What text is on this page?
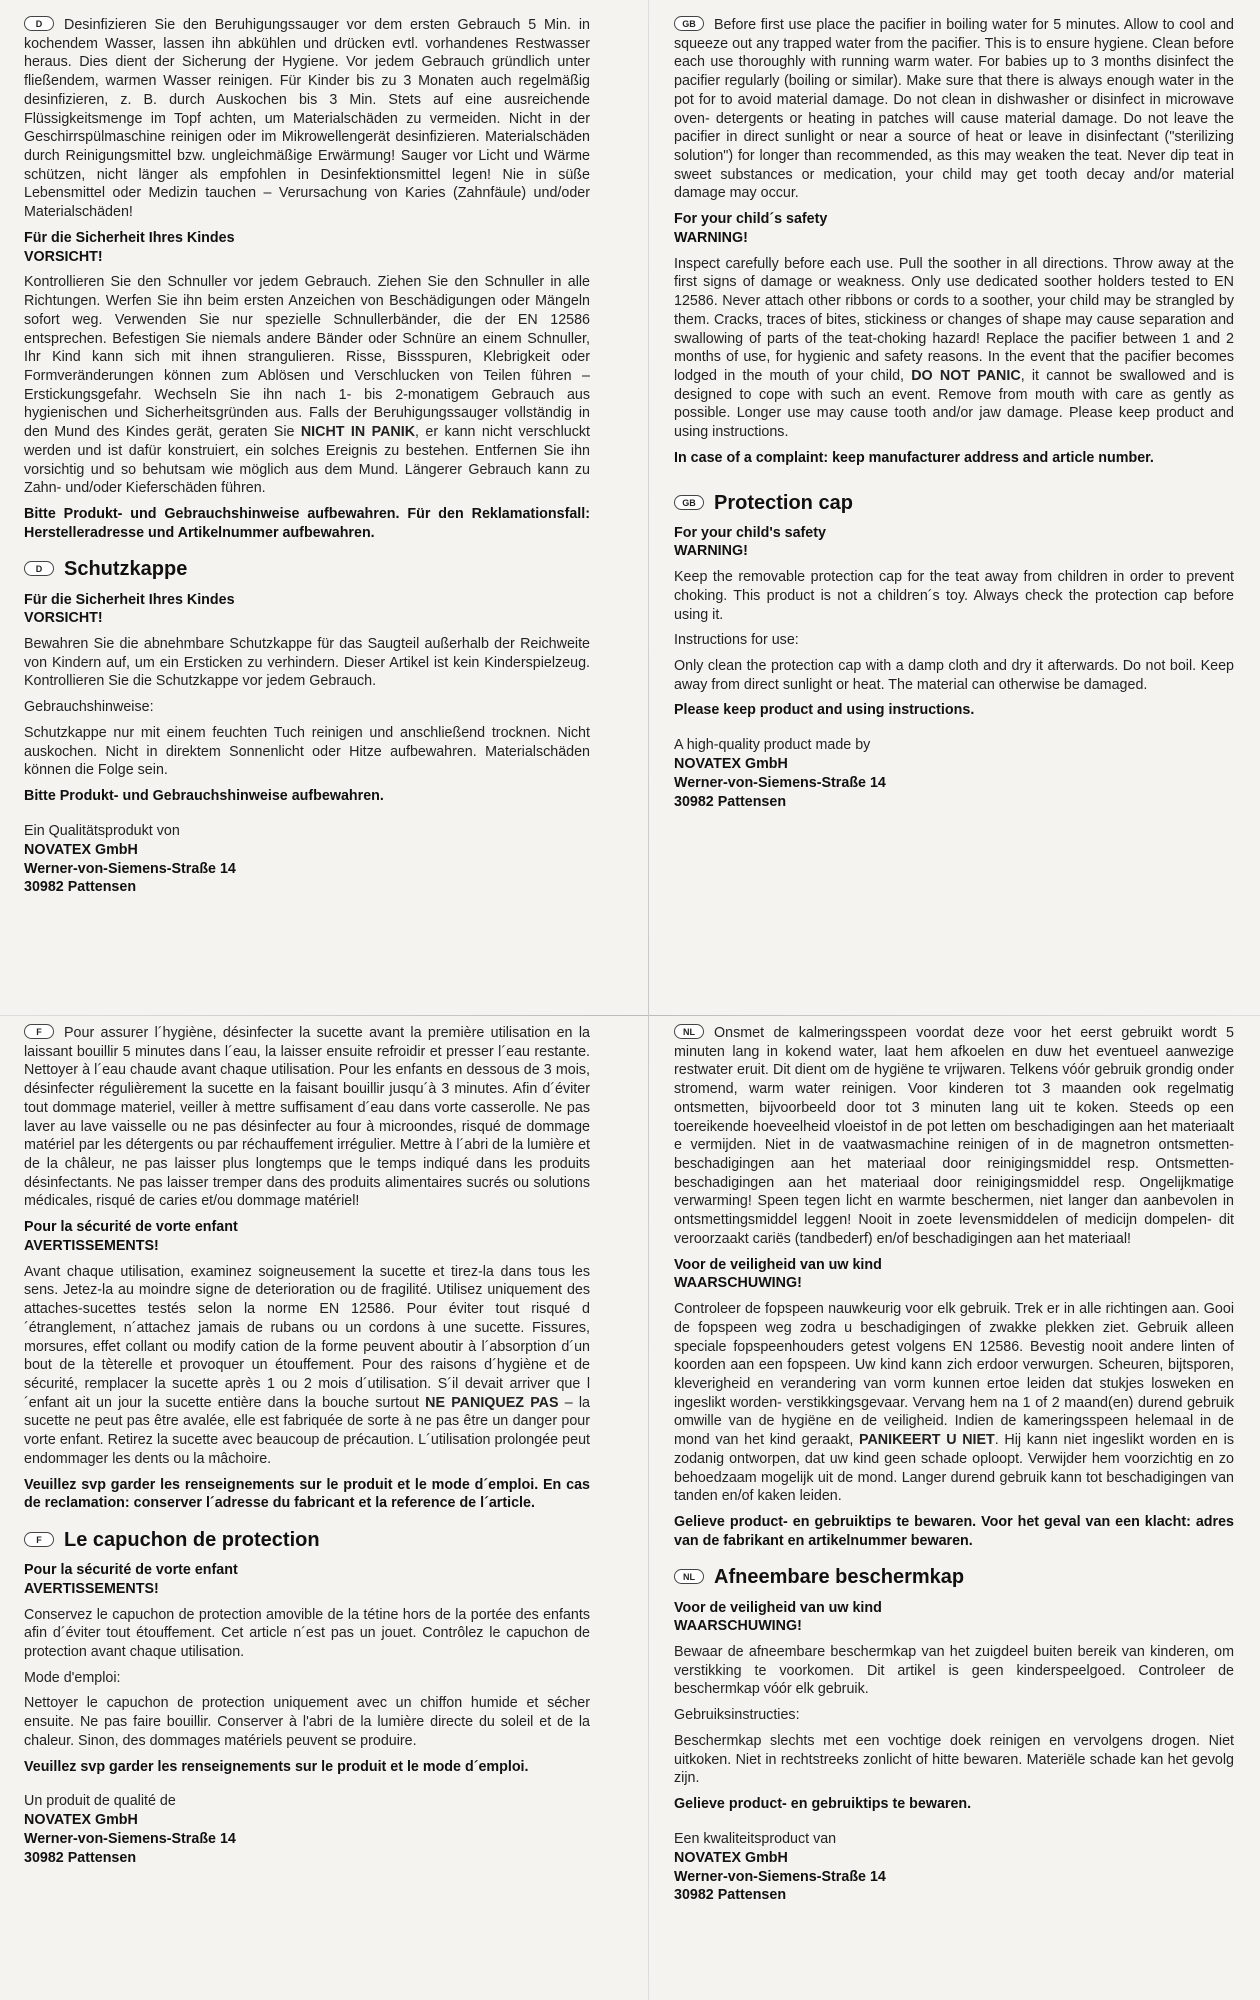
D Desinfizieren Sie den Beruhigungssauger vor dem ersten Gebrauch 5 Min. in kochendem Wasser, lassen ihn abkühlen und drücken evtl. vorhandenes Restwasser heraus. Dies dient der Sicherung der Hygiene. Vor jedem Gebrauch gründlich unter fließendem, warmen Wasser reinigen. Für Kinder bis zu 3 Monaten auch regelmäßig desinfizieren, z. B. durch Auskochen bis 3 Min. Stets auf eine ausreichende Flüssigkeitsmenge im Topf achten, um Materialschäden zu vermeiden. Nicht in der Geschirrspülmaschine reinigen oder im Mikrowellengerät desinfizieren. Materialschäden durch Reinigungsmittel bzw. ungleichmäßige Erwärmung! Sauger vor Licht und Wärme schützen, nicht länger als empfohlen in Desinfektionsmittel legen! Nie in süße Lebensmittel oder Medizin tauchen – Verursachung von Karies (Zahnfäule) und/oder Materialschäden!

Für die Sicherheit Ihres Kindes
VORSICHT!

Kontrollieren Sie den Schnuller vor jedem Gebrauch. Ziehen Sie den Schnuller in alle Richtungen. Werfen Sie ihn beim ersten Anzeichen von Beschädigungen oder Mängeln sofort weg. Verwenden Sie nur spezielle Schnullerbänder, die der EN 12586 entsprechen. Befestigen Sie niemals andere Bänder oder Schnüre an einem Schnuller, Ihr Kind kann sich mit ihnen strangulieren. Risse, Bissspuren, Klebrigkeit oder Formveränderungen können zum Ablösen und Verschlucken von Teilen führen – Erstickungsgefahr. Wechseln Sie ihn nach 1- bis 2-monatigem Gebrauch aus hygienischen und Sicherheitsgründen aus. Falls der Beruhigungssauger vollständig in den Mund des Kindes gerät, geraten Sie NICHT IN PANIK, er kann nicht verschluckt werden und ist dafür konstruiert, ein solches Ereignis zu bestehen. Entfernen Sie ihn vorsichtig und so behutsam wie möglich aus dem Mund. Längerer Gebrauch kann zu Zahn- und/oder Kieferschäden führen.

Bitte Produkt- und Gebrauchshinweise aufbewahren. Für den Reklamationsfall: Herstelleradresse und Artikelnummer aufbewahren.

D Schutzkappe
Für die Sicherheit Ihres Kindes
VORSICHT!

Bewahren Sie die abnehmbare Schutzkappe für das Saugteil außerhalb der Reichweite von Kindern auf, um ein Ersticken zu verhindern. Dieser Artikel ist kein Kinderspielzeug. Kontrollieren Sie die Schutzkappe vor jedem Gebrauch.

Gebrauchshinweise:

Schutzkappe nur mit einem feuchten Tuch reinigen und anschließend trocknen. Nicht auskochen. Nicht in direktem Sonnenlicht oder Hitze aufbewahren. Materialschäden können die Folge sein.

Bitte Produkt- und Gebrauchshinweise aufbewahren.

Ein Qualitätsprodukt von
NOVATEX GmbH
Werner-von-Siemens-Straße 14
30982 Pattensen

GB Before first use place the pacifier in boiling water for 5 minutes. Allow to cool and squeeze out any trapped water from the pacifier. This is to ensure hygiene. Clean before each use thoroughly with running warm water. For babies up to 3 months disinfect the pacifier regularly (boiling or similar). Make sure that there is always enough water in the pot for to avoid material damage. Do not clean in dishwasher or disinfect in microwave oven- detergents or heating in patches will cause material damage. Do not leave the pacifier in direct sunlight or near a source of heat or leave in disinfectant ("sterilizing solution") for longer than recommended, as this may weaken the teat. Never dip teat in sweet substances or medication, your child may get tooth decay and/or material damage may occur.

For your child´s safety
WARNING!

Inspect carefully before each use. Pull the soother in all directions. Throw away at the first signs of damage or weakness. Only use dedicated soother holders tested to EN 12586. Never attach other ribbons or cords to a soother, your child may be strangled by them. Cracks, traces of bites, stickiness or changes of shape may cause separation and swallowing of parts of the teat-choking hazard! Replace the pacifier between 1 and 2 months of use, for hygienic and safety reasons. In the event that the pacifier becomes lodged in the mouth of your child, DO NOT PANIC, it cannot be swallowed and is designed to cope with such an event. Remove from mouth with care as gently as possible. Longer use may cause tooth and/or jaw damage. Please keep product and using instructions.

In case of a complaint: keep manufacturer address and article number.

GB Protection cap
For your child's safety
WARNING!

Keep the removable protection cap for the teat away from children in order to prevent choking. This product is not a children´s toy. Always check the protection cap before using it.

Instructions for use:

Only clean the protection cap with a damp cloth and dry it afterwards. Do not boil. Keep away from direct sunlight or heat. The material can otherwise be damaged.

Please keep product and using instructions.

A high-quality product made by
NOVATEX GmbH
Werner-von-Siemens-Straße 14
30982 Pattensen

F Pour assurer l´hygiène, désinfecter la sucette avant la première utilisation en la laissant bouillir 5 minutes dans l´eau, la laisser ensuite refroidir et presser l´eau restante. Nettoyer à l´eau chaude avant chaque utilisation. Pour les enfants en dessous de 3 mois, désinfecter régulièrement la sucette en la faisant bouillir jusqu´à 3 minutes. Afin d´éviter tout dommage materiel, veiller à mettre suffisament d´eau dans vorte casserolle. Ne pas laver au lave vaisselle ou ne pas désinfecter au four à microondes, risqué de dommage matériel par les détergents ou par réchauffement irrégulier. Mettre à l´abri de la lumière et de la châleur, ne pas laisser plus longtemps que le temps indiqué dans les produits désinfectants. Ne pas laisser tremper dans des produits alimentaires sucrés ou solutions médicales, risqué de caries et/ou dommage matériel!

Pour la sécurité de vorte enfant
AVERTISSEMENTS!

Avant chaque utilisation, examinez soigneusement la sucette et tirez-la dans tous les sens. Jetez-la au moindre signe de deterioration ou de fragilité. Utilisez uniquement des attaches-sucettes testés selon la norme EN 12586. Pour éviter tout risqué d´étranglement, n´attachez jamais de rubans ou un cordons à une sucette. Fissures, morsures, effet collant ou modify cation de la forme peuvent aboutir à l´absorption d´un bout de la tèterelle et provoquer un étouffement. Pour des raisons d´hygiène et de sécurité, remplacer la sucette après 1 ou 2 mois d´utilisation. S´il devait arriver que l´enfant ait un jour la sucette entière dans la bouche surtout NE PANIQUEZ PAS – la sucette ne peut pas être avalée, elle est fabriquée de sorte à ne pas être un danger pour vorte enfant. Retirez la sucette avec beaucoup de précaution. L´utilisation prolongée peut endommager les dents ou la mâchoire.

Veuillez svp garder les renseignements sur le produit et le mode d´emploi. En cas de reclamation: conserver l´adresse du fabricant et la reference de l´article.

F Le capuchon de protection
Pour la sécurité de vorte enfant
AVERTISSEMENTS!

Conservez le capuchon de protection amovible de la tétine hors de la portée des enfants afin d´éviter tout étouffement. Cet article n´est pas un jouet. Contrôlez le capuchon de protection avant chaque utilisation.

Mode d'emploi:

Nettoyer le capuchon de protection uniquement avec un chiffon humide et sécher ensuite. Ne pas faire bouillir. Conserver à l'abri de la lumière directe du soleil et de la chaleur. Sinon, des dommages matériels peuvent se produire.

Veuillez svp garder les renseignements sur le produit et le mode d´emploi.

Un produit de qualité de
NOVATEX GmbH
Werner-von-Siemens-Straße 14
30982 Pattensen

NL Onsmet de kalmeringsspeen voordat deze voor het eerst gebruikt wordt 5 minuten lang in kokend water, laat hem afkoelen en duw het eventueel aanwezige restwater eruit. Dit dient om de hygiëne te vrijwaren. Telkens vóór gebruik grondig onder stromend, warm water reinigen. Voor kinderen tot 3 maanden ook regelmatig ontsmetten, bijvoorbeeld door tot 3 minuten lang uit te koken. Steeds op een toereikende hoeveelheid vloeistof in de pot letten om beschadigingen aan het materiaalt e vermijden. Niet in de vaatwasmachine reinigen of in de magnetron ontsmetten- beschadigingen aan het materiaal door reinigingsmiddel resp. Ontsmetten- beschadigingen aan het materiaal door reinigingsmiddel resp. Ongelijkmatige verwarming! Speen tegen licht en warmte beschermen, niet langer dan aanbevolen in ontsmettingsmiddel leggen! Nooit in zoete levensmiddelen of medicijn dompelen- dit veroorzaakt cariës (tandbederf) en/of beschadigingen aan het materiaal!

Voor de veiligheid van uw kind
WAARSCHUWING!

Controleer de fopspeen nauwkeurig voor elk gebruik. Trek er in alle richtingen aan. Gooi de fopspeen weg zodra u beschadigingen of zwakke plekken ziet. Gebruik alleen speciale fopspeenhouders getest volgens EN 12586. Bevestig nooit andere linten of koorden aan een fopspeen. Uw kind kann zich erdoor verwurgen. Scheuren, bijtsporen, kleverigheid en verandering van vorm kunnen ertoe leiden dat stukjes losweken en ingeslikt worden- verstikkingsgevaar. Vervang hem na 1 of 2 maand(en) durend gebruik omwille van de hygiëne en de veiligheid. Indien de kameringsspeen helemaal in de mond van het kind geraakt, PANIKEERT U NIET. Hij kann niet ingeslikt worden en is zodanig ontworpen, dat uw kind geen schade oploopt. Verwijder hem voorzichtig en zo behoedzaam mogelijk uit de mond. Langer durend gebruik kann tot beschadigingen van tanden en/of kaken leiden.

Gelieve product- en gebruiktips te bewaren. Voor het geval van een klacht: adres van de fabrikant en artikelnummer bewaren.

NL Afneembare beschermkap
Voor de veiligheid van uw kind
WAARSCHUWING!

Bewaar de afneembare beschermkap van het zuigdeel buiten bereik van kinderen, om verstikking te voorkomen. Dit artikel is geen kinderspeelgoed. Controleer de beschermkap vóór elk gebruik.

Gebruiksinstructies:

Beschermkap slechts met een vochtige doek reinigen en vervolgens drogen. Niet uitkoken. Niet in rechtstreeks zonlicht of hitte bewaren. Materiële schade kan het gevolg zijn.

Gelieve product- en gebruiktips te bewaren.

Een kwaliteitsproduct van
NOVATEX GmbH
Werner-von-Siemens-Straße 14
30982 Pattensen
